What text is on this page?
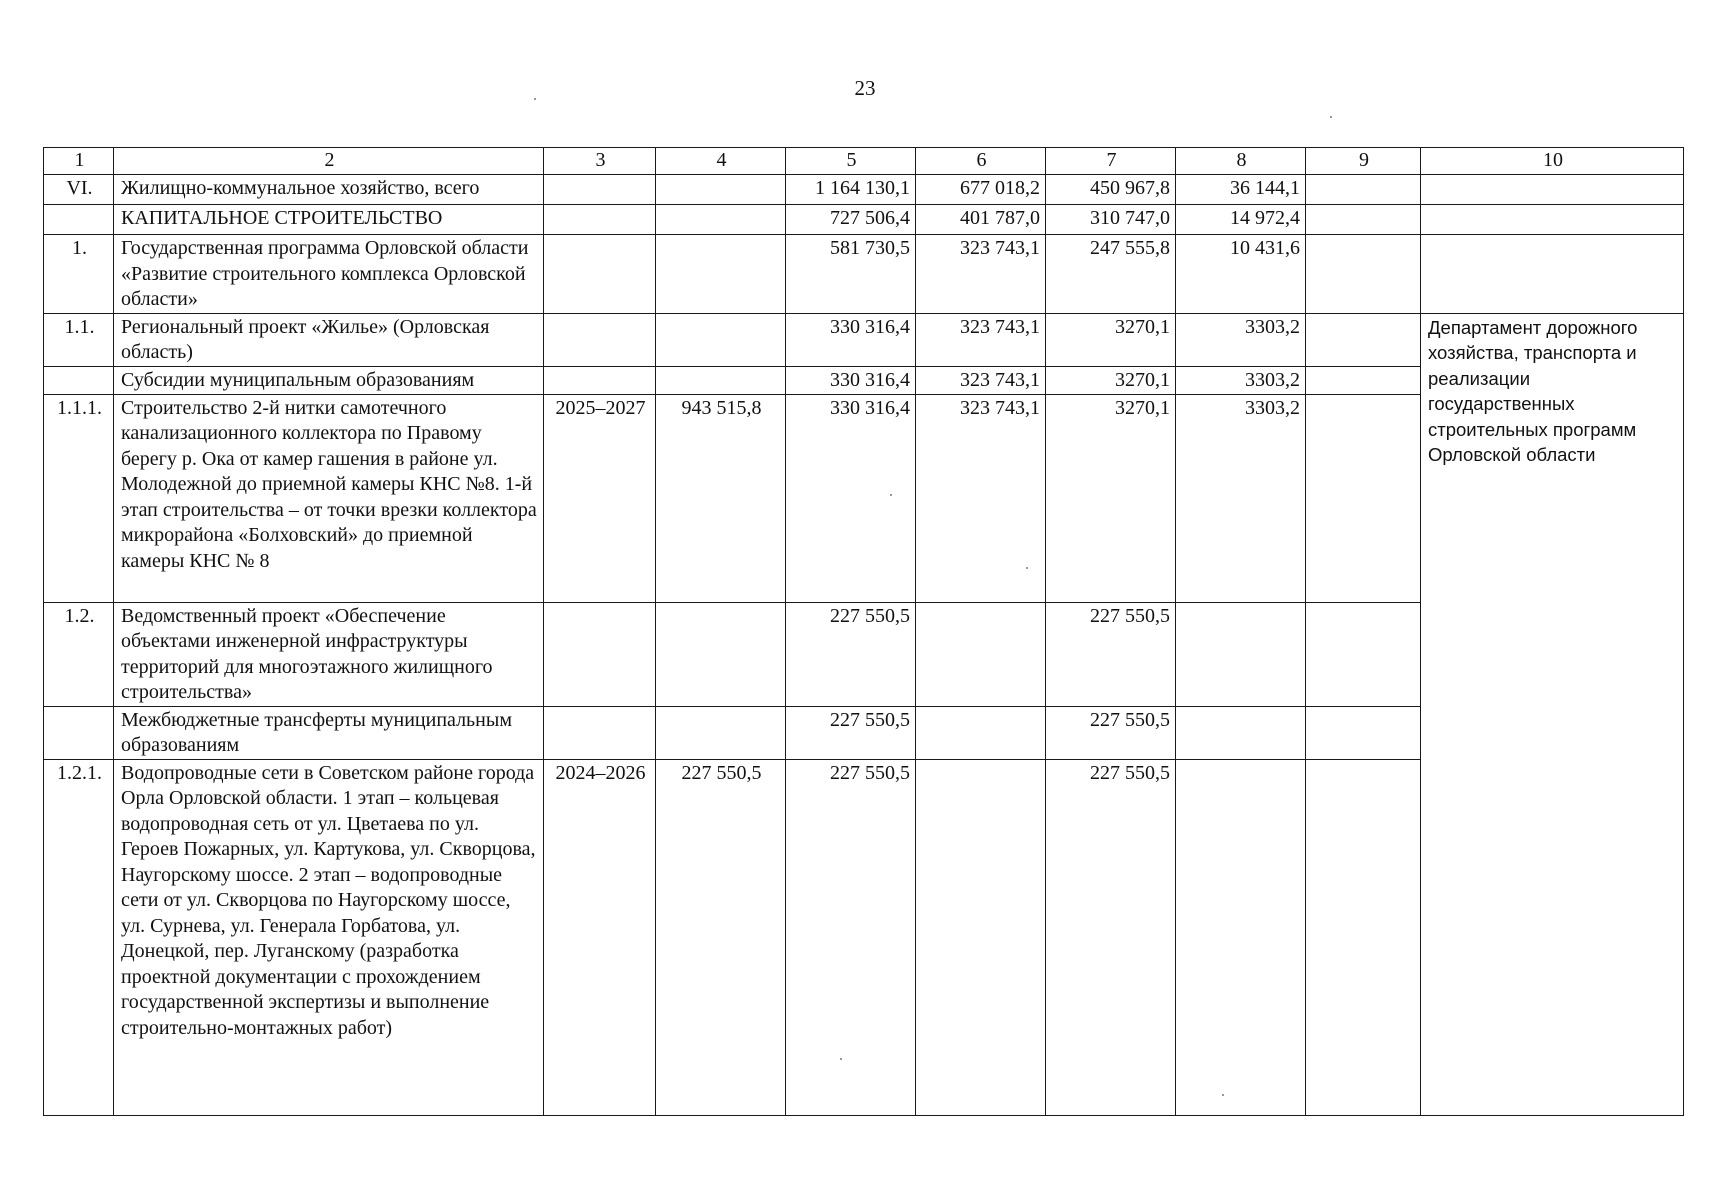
23
1	2	3	4	5	6	7	8	9	10	
VI.	Жилищно-коммунальное хозяйство, всего			1 164 130,1	677 018,2	450 967,8	36 144,1			
	КАПИТАЛЬНОЕ СТРОИТЕЛЬСТВО			727 506,4	401 787,0	310 747,0	14 972,4			
1.	Государственная программа Орловской области «Развитие строительного комплекса Орловской области»			581 730,5	323 743,1	247 555,8	10 431,6			
1.1.	Региональный проект «Жилье» (Орловская область)			330 316,4	323 743,1	3270,1	3303,2		Департамент дорожного хозяйства, транспорта и реализации государственных строительных программ Орловской области	
	Субсидии муниципальным образованиям			330 316,4	323 743,1	3270,1	3303,2			
1.1.1.	Строительство 2-й нитки самотечного канализационного коллектора по Правому берегу р. Ока от камер гашения в районе ул. Молодежной до приемной камеры КНС №8. 1-й этап строительства – от точки врезки коллектора микрорайона «Болховский» до приемной камеры КНС № 8	2025–2027	943 515,8	330 316,4	323 743,1	3270,1	3303,2			
1.2.	Ведомственный проект «Обеспечение объектами инженерной инфраструктуры территорий для многоэтажного жилищного строительства»			227 550,5		227 550,5				
	Межбюджетные трансферты муниципальным образованиям			227 550,5		227 550,5				
1.2.1.	Водопроводные сети в Советском районе города Орла Орловской области. 1 этап – кольцевая водопроводная сеть от ул. Цветаева по ул. Героев Пожарных, ул. Картукова, ул. Скворцова, Наугорскому шоссе. 2 этап – водопроводные сети от ул. Скворцова по Наугорскому шоссе, ул. Сурнева, ул. Генерала Горбатова, ул. Донецкой, пер. Луганскому (разработка проектной документации с прохождением государственной экспертизы и выполнение строительно-монтажных работ)	2024–2026	227 550,5	227 550,5		227 550,5				
